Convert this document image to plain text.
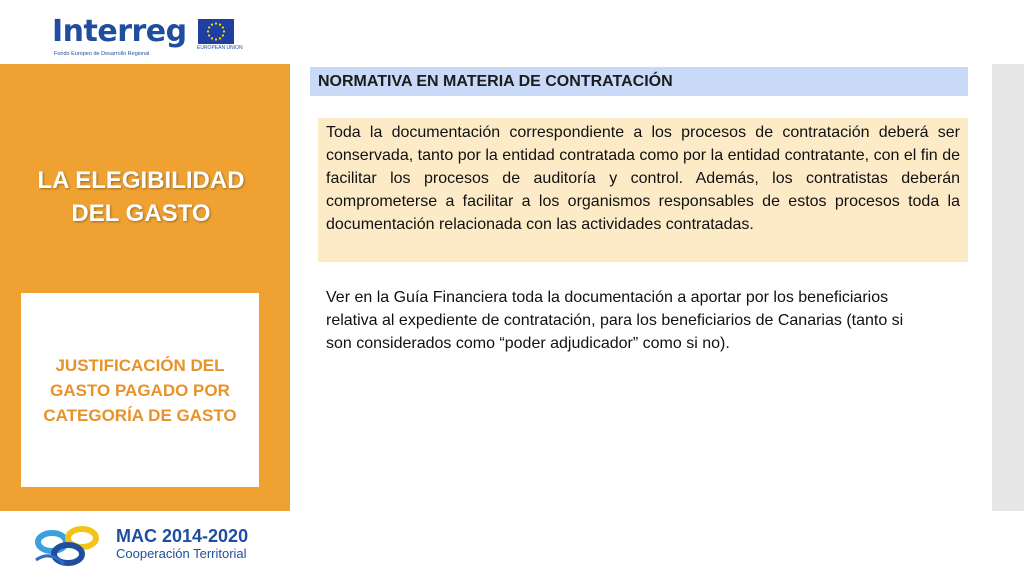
Interreg
Fondo Europeo de Desarrollo Regional
EUROPEAN UNION
LA ELEGIBILIDAD
DEL GASTO
JUSTIFICACIÓN DEL
GASTO PAGADO POR
CATEGORÍA DE GASTO
NORMATIVA EN MATERIA DE CONTRATACIÓN

Toda la documentación correspondiente a los procesos de contratación deberá ser conservada, tanto por la entidad contratada como por la entidad contratante, con el fin de facilitar los procesos de auditoría y control. Además, los contratistas deberán comprometerse a facilitar a los organismos responsables de estos procesos toda la documentación relacionada con las actividades contratadas.

Ver en la Guía Financiera toda la documentación a aportar por los beneficiarios
relativa al expediente de contratación, para los beneficiarios de Canarias (tanto si
son considerados como “poder adjudicador” como si no).
MAC 2014-2020
Cooperación Territorial
